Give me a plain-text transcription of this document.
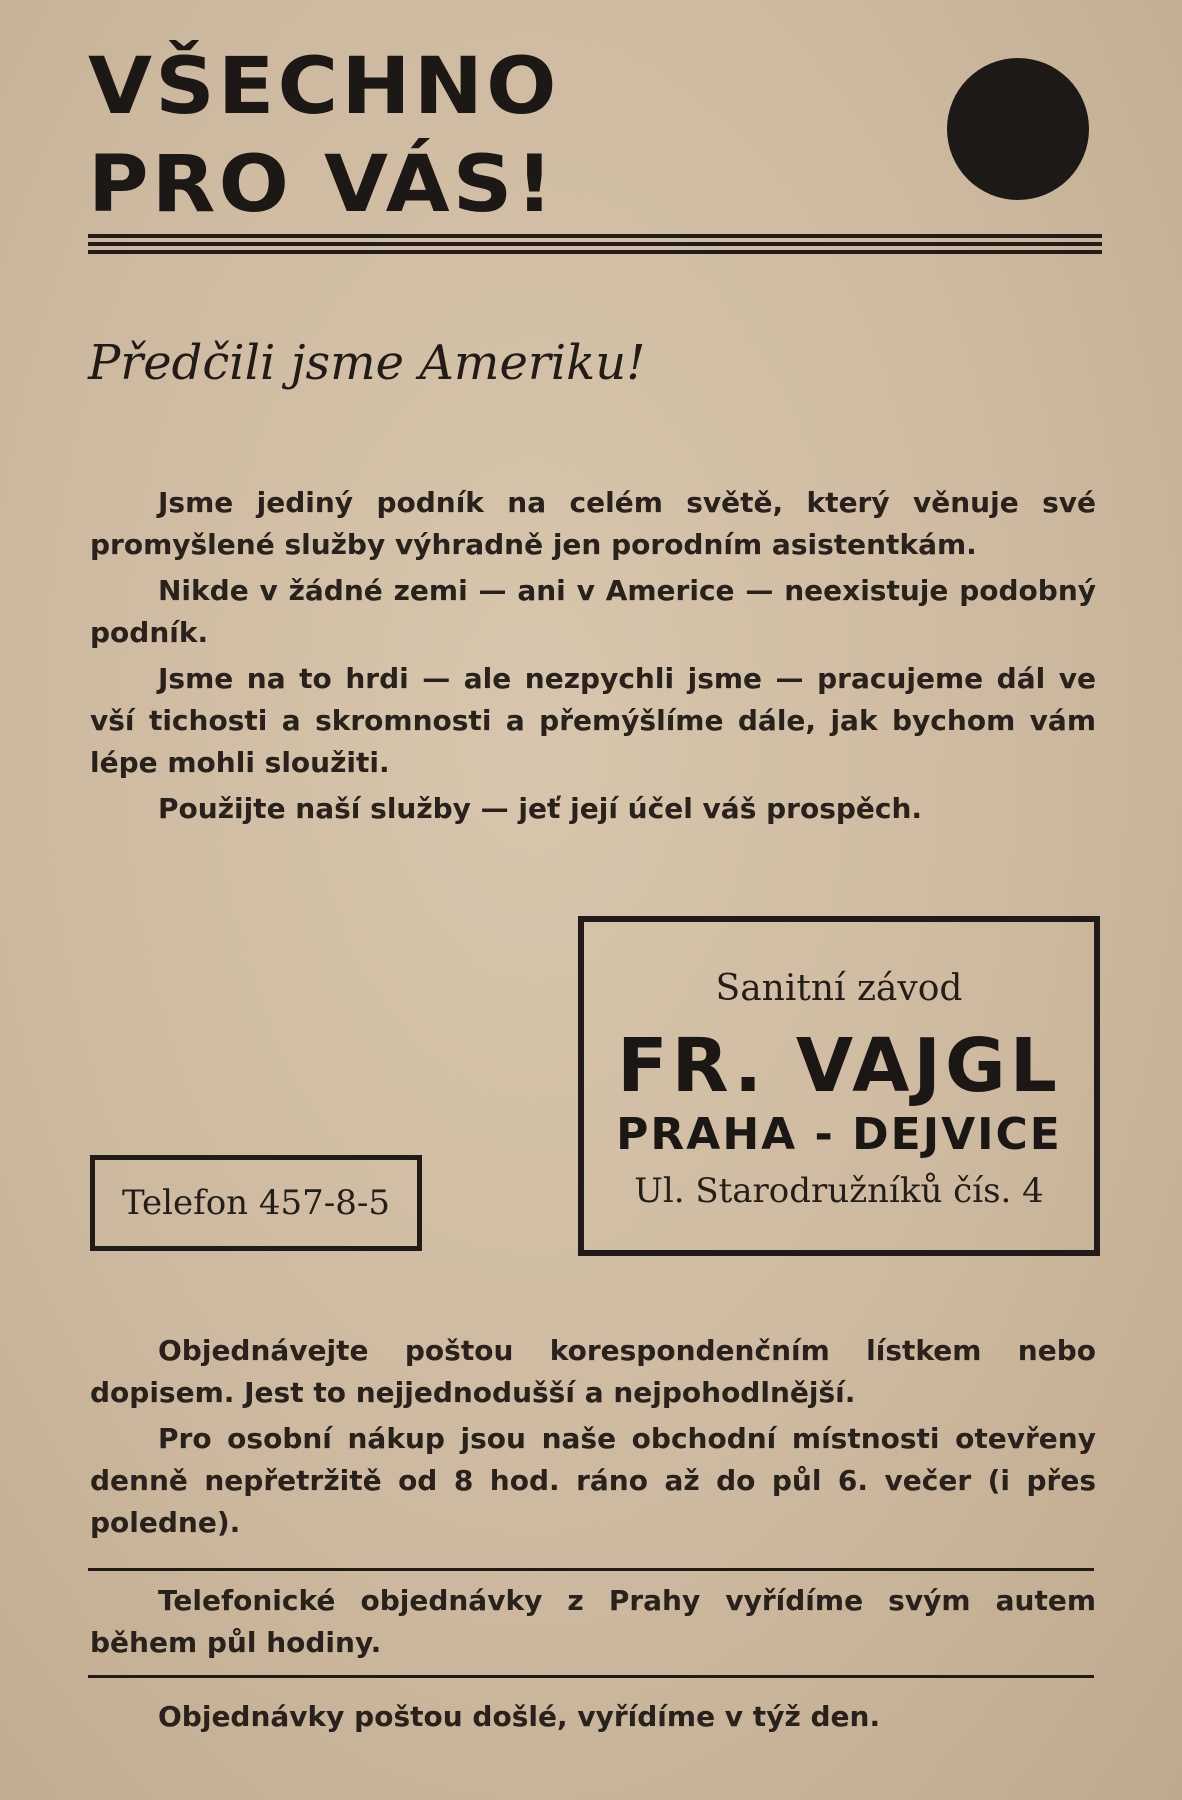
VŠECHNO
PRO VÁS!
Předčili jsme Ameriku!

Jsme jediný podník na celém světě, který věnuje své promyšlené služby výhradně jen porodním asistentkám.

Nikde v žádné zemi — ani v Americe — neexistuje podobný podník.

Jsme na to hrdi — ale nezpychli jsme — pracujeme dál ve vší tichosti a skromnosti a přemýšlíme dále, jak bychom vám lépe mohli sloužiti.

Použijte naší služby — jeť její účel váš prospěch.

Sanitní závod
FR. VAJGL
PRAHA - DEJVICE
Ul. Starodružníků čís. 4
Telefon 457-8-5

Objednávejte poštou korespondenčním lístkem nebo dopisem. Jest to nejjednodušší a nejpohodlnější.

Pro osobní nákup jsou naše obchodní místnosti otevřeny denně nepřetržitě od 8 hod. ráno až do půl 6. večer (i přes poledne).

Telefonické objednávky z Prahy vyřídíme svým autem během půl hodiny.

Objednávky poštou došlé, vyřídíme v týž den.
